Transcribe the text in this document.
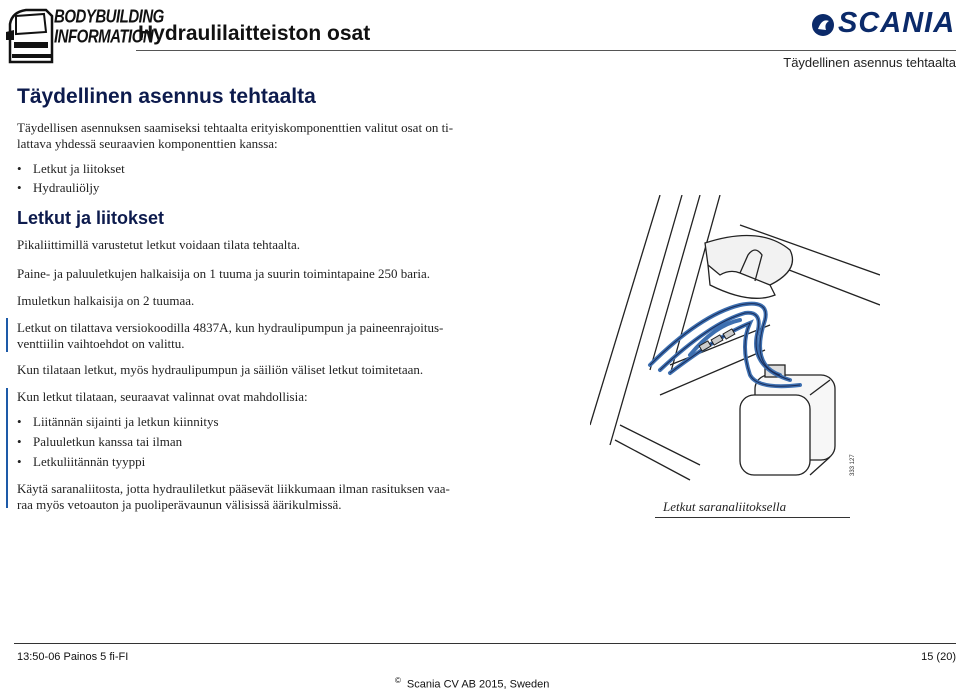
BODYBUILDING
INFORMATION
Hydraulilaitteiston osat	SCANIA
Täydellinen asennus tehtaalta
Täydellinen asennus tehtaalta
Täydellisen asennuksen saamiseksi tehtaalta erityiskomponenttien valitut osat on ti-
lattava yhdessä seuraavien komponenttien kanssa:
• Letkut ja liitokset
• Hydrauliöljy
Letkut ja liitokset
Pikaliittimillä varustetut letkut voidaan tilata tehtaalta.
Paine- ja paluuletkujen halkaisija on 1 tuuma ja suurin toimintapaine 250 baria.
Imuletkun halkaisija on 2 tuumaa.
Letkut on tilattava versiokoodilla 4837A, kun hydraulipumpun ja paineenrajoitus-
venttiilin vaihtoehdot on valittu.
Kun tilataan letkut, myös hydraulipumpun ja säiliön väliset letkut toimitetaan.
Kun letkut tilataan, seuraavat valinnat ovat mahdollisia:
• Liitännän sijainti ja letkun kiinnitys
• Paluuletkun kanssa tai ilman
• Letkuliitännän tyyppi
Käytä saranaliitosta, jotta hydrauliletkut pääsevät liikkumaan ilman rasituksen vaa-
raa myös vetoauton ja puoliperävaunun välisissä äärikulmissä.	Letkut saranaliitoksella
333 127
13:50-06 Painos 5 fi-FI	15 (20)
© Scania CV AB 2015, Sweden
